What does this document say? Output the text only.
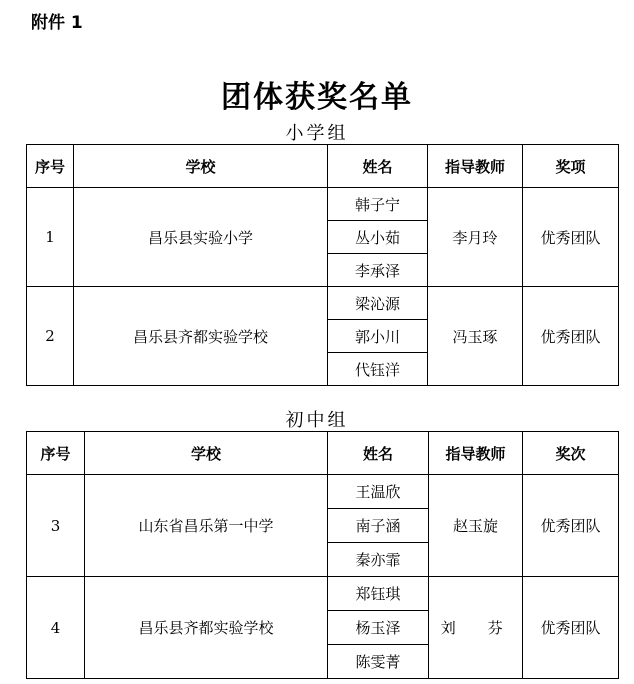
附件 1
团体获奖名单
小学组
序号	学校	姓名	指导教师	奖项
1	昌乐县实验小学	韩子宁	李月玲	优秀团队
		丛小茹		
		李承泽		
2	昌乐县齐都实验学校	梁沁源	冯玉琢	优秀团队
		郭小川		
		代钰洋		
初中组
序号	学校	姓名	指导教师	奖次
3	山东省昌乐第一中学	王温欣	赵玉旋	优秀团队
		南子涵		
		秦亦霏		
4	昌乐县齐都实验学校	郑钰琪	刘  芬	优秀团队
		杨玉泽		
		陈雯菁		
